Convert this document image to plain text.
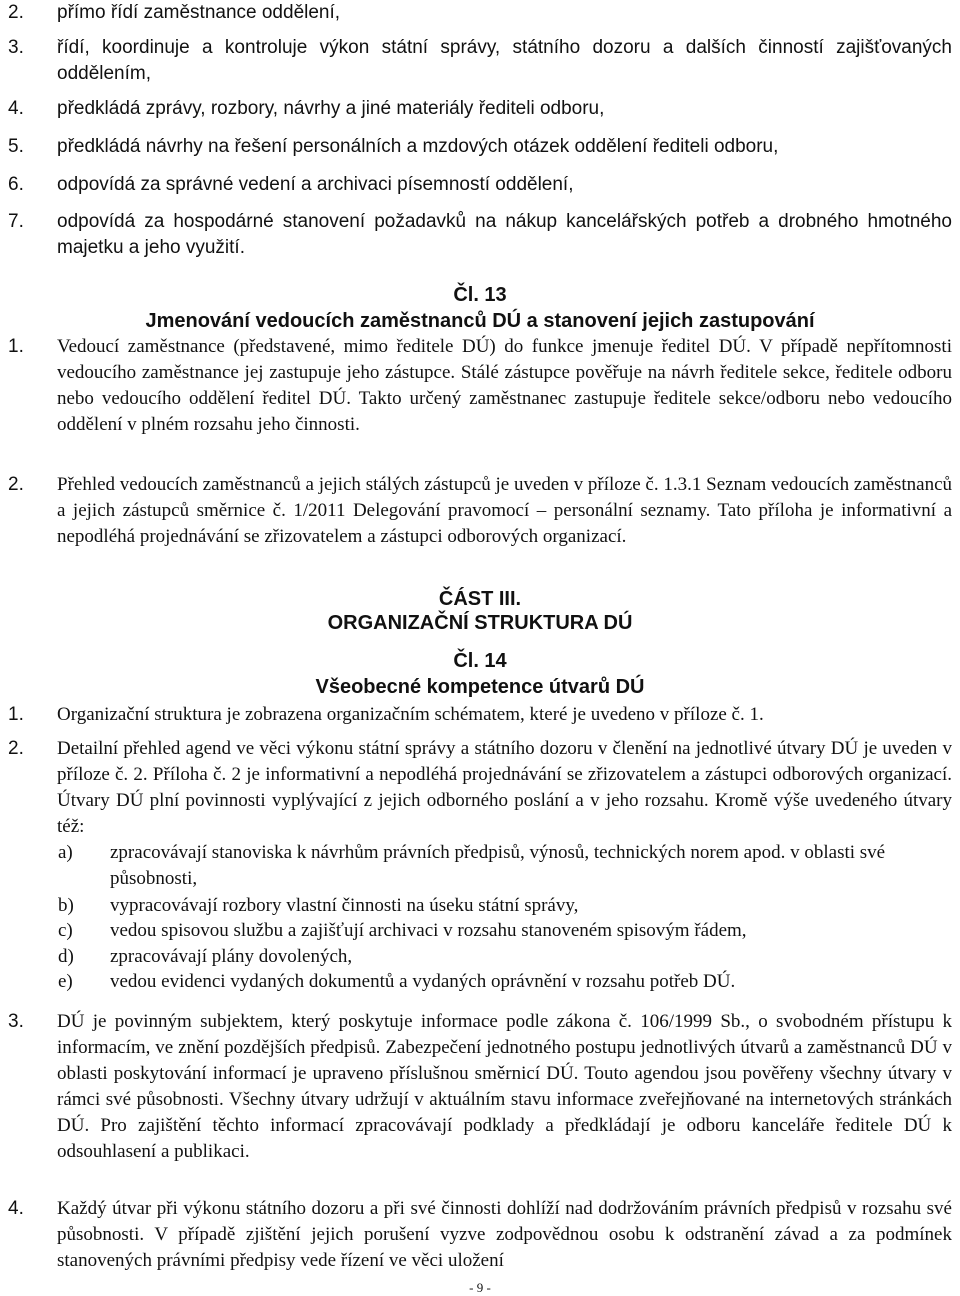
2. přímo řídí zaměstnance oddělení,
3. řídí, koordinuje a kontroluje výkon státní správy, státního dozoru a dalších činností zajišťovaných oddělením,
4. předkládá zprávy, rozbory, návrhy a jiné materiály řediteli odboru,
5. předkládá návrhy na řešení personálních a mzdových otázek oddělení řediteli odboru,
6. odpovídá za správné vedení a archivaci písemností oddělení,
7. odpovídá za hospodárné stanovení požadavků na nákup kancelářských potřeb a drobného hmotného majetku a jeho využití.
Čl. 13
Jmenování vedoucích zaměstnanců DÚ a stanovení jejich zastupování
1. Vedoucí zaměstnance (představené, mimo ředitele DÚ) do funkce jmenuje ředitel DÚ. V případě nepřítomnosti vedoucího zaměstnance jej zastupuje jeho zástupce. Stálé zástupce pověřuje na návrh ředitele sekce, ředitele odboru nebo vedoucího oddělení ředitel DÚ. Takto určený zaměstnanec zastupuje ředitele sekce/odboru nebo vedoucího oddělení v plném rozsahu jeho činnosti.
2. Přehled vedoucích zaměstnanců a jejich stálých zástupců je uveden v příloze č. 1.3.1 Seznam vedoucích zaměstnanců a jejich zástupců směrnice č. 1/2011 Delegování pravomocí – personální seznamy. Tato příloha je informativní a nepodléhá projednávání se zřizovatelem a zástupci odborových organizací.
ČÁST III.
ORGANIZAČNÍ STRUKTURA DÚ
Čl. 14
Všeobecné kompetence útvarů DÚ
1. Organizační struktura je zobrazena organizačním schématem, které je uvedeno v příloze č. 1.
2. Detailní přehled agend ve věci výkonu státní správy a státního dozoru v členění na jednotlivé útvary DÚ je uveden v příloze č. 2. Příloha č. 2 je informativní a nepodléhá projednávání se zřizovatelem a zástupci odborových organizací. Útvary DÚ plní povinnosti vyplývající z jejich odborného poslání a v jeho rozsahu. Kromě výše uvedeného útvary též:
a) zpracovávají stanoviska k návrhům právních předpisů, výnosů, technických norem apod. v oblasti své působnosti,
b) vypracovávají rozbory vlastní činnosti na úseku státní správy,
c) vedou spisovou službu a zajišťují archivaci v rozsahu stanoveném spisovým řádem,
d) zpracovávají plány dovolených,
e) vedou evidenci vydaných dokumentů a vydaných oprávnění v rozsahu potřeb DÚ.
3. DÚ je povinným subjektem, který poskytuje informace podle zákona č. 106/1999 Sb., o svobodném přístupu k informacím, ve znění pozdějších předpisů. Zabezpečení jednotného postupu jednotlivých útvarů a zaměstnanců DÚ v oblasti poskytování informací je upraveno příslušnou směrnicí DÚ. Touto agendou jsou pověřeny všechny útvary v rámci své působnosti. Všechny útvary udržují v aktuálním stavu informace zveřejňované na internetových stránkách DÚ. Pro zajištění těchto informací zpracovávají podklady a předkládají je odboru kanceláře ředitele DÚ k odsouhlasení a publikaci.
4. Každý útvar při výkonu státního dozoru a při své činnosti dohlíží nad dodržováním právních předpisů v rozsahu své působnosti. V případě zjištění jejich porušení vyzve zodpovědnou osobu k odstranění závad a za podmínek stanovených právními předpisy vede řízení ve věci uložení
- 9 -
